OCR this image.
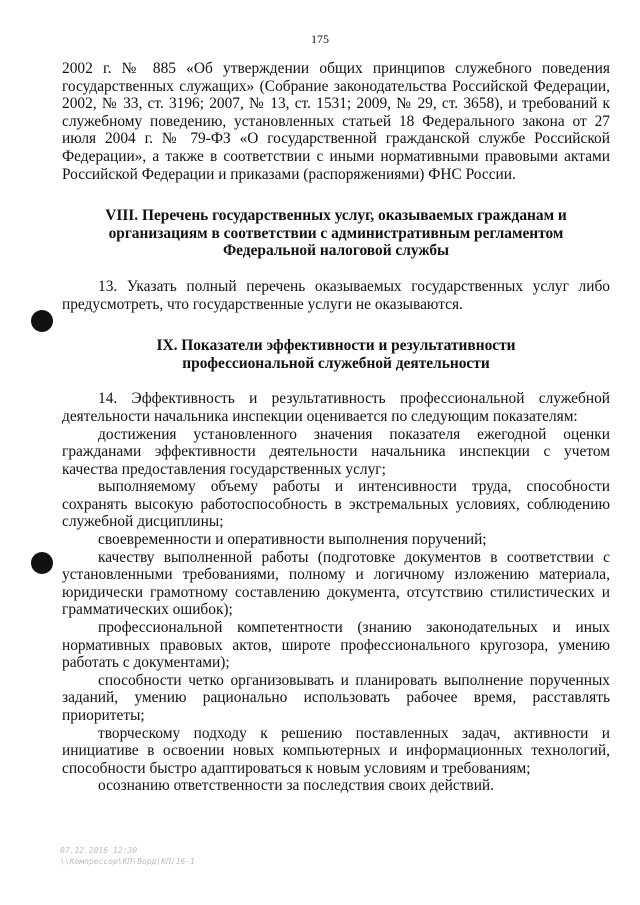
175

2002 г. № 885 «Об утверждении общих принципов служебного поведения государственных служащих» (Собрание законодательства Российской Федерации, 2002, № 33, ст. 3196; 2007, № 13, ст. 1531; 2009, № 29, ст. 3658), и требований к служебному поведению, установленных статьей 18 Федерального закона от 27 июля 2004 г. № 79-ФЗ «О государственной гражданской службе Российской Федерации», а также в соответствии с иными нормативными правовыми актами Российской Федерации и приказами (распоряжениями) ФНС России.

VIII. Перечень государственных услуг, оказываемых гражданам и

организациям в соответствии с административным регламентом

Федеральной налоговой службы

13. Указать полный перечень оказываемых государственных услуг либо предусмотреть, что государственные услуги не оказываются.

IX. Показатели эффективности и результативности

профессиональной служебной деятельности

14. Эффективность и результативность профессиональной служебной деятельности начальника инспекции оценивается по следующим показателям:

достижения установленного значения показателя ежегодной оценки гражданами эффективности деятельности начальника инспекции с учетом качества предоставления государственных услуг;

выполняемому объему работы и интенсивности труда, способности сохранять высокую работоспособность в экстремальных условиях, соблюдению служебной дисциплины;

своевременности и оперативности выполнения поручений;

качеству выполненной работы (подготовке документов в соответствии с установленными требованиями, полному и логичному изложению материала, юридически грамотному составлению документа, отсутствию стилистических и грамматических ошибок);

профессиональной компетентности (знанию законодательных и иных нормативных правовых актов, широте профессионального кругозора, умению работать с документами);

способности четко организовывать и планировать выполнение порученных заданий, умению рационально использовать рабочее время, расставлять приоритеты;

творческому подходу к решению поставленных задач, активности и инициативе в освоении новых компьютерных и информационных технологий, способности быстро адаптироваться к новым условиям и требованиям;

осознанию ответственности за последствия своих действий.

07.12.2016 12:30
\\Компрессор\КП\Ворд\КП/16-1
